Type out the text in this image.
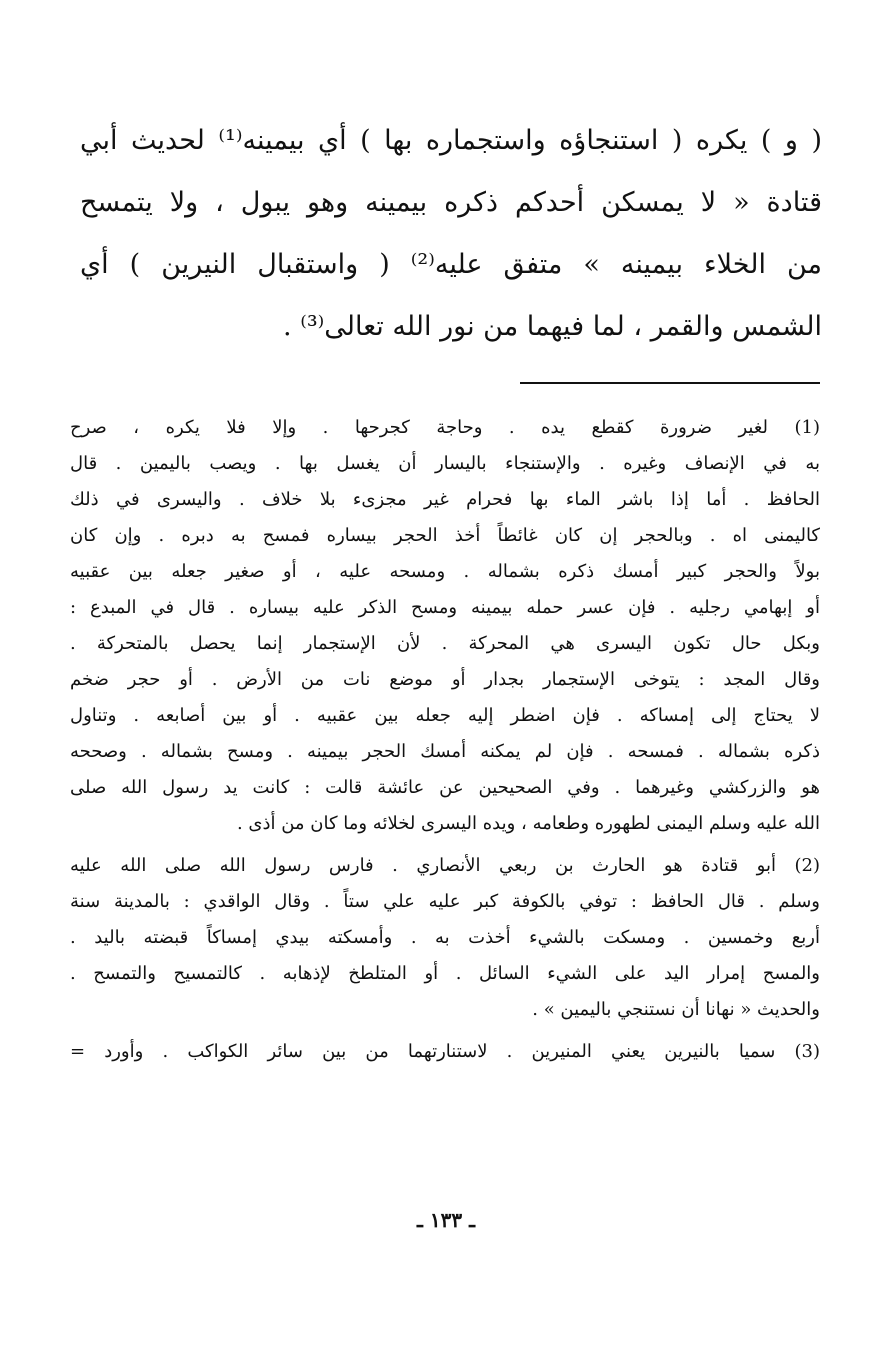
( و ) يكره ( استنجاؤه واستجماره بها ) أي بيمينه⁽¹⁾ لحديث أبي
قتادة « لا يمسكن أحدكم ذكره بيمينه وهو يبول ، ولا يتمسح
من الخلاء بيمينه » متفق عليه⁽²⁾ ( واستقبال النيرين ) أي
الشمس والقمر ، لما فيهما من نور الله تعالى⁽³⁾ .
(1) لغير ضرورة كقطع يده . وحاجة كجرحها . وإلا فلا يكره ، صرح
به في الإنصاف وغيره . والإستنجاء باليسار أن يغسل بها . ويصب باليمين . قال
الحافظ . أما إذا باشر الماء بها فحرام غير مجزىء بلا خلاف . واليسرى في ذلك
كاليمنى اه . وبالحجر إن كان غائطاً أخذ الحجر بيساره فمسح به دبره . وإن كان
بولاً والحجر كبير أمسك ذكره بشماله . ومسحه عليه ، أو صغير جعله بين عقبيه
أو إبهامي رجليه . فإن عسر حمله بيمينه ومسح الذكر عليه بيساره . قال في المبدع :
وبكل حال تكون اليسرى هي المحركة . لأن الإستجمار إنما يحصل بالمتحركة .
وقال المجد : يتوخى الإستجمار بجدار أو موضع نات من الأرض . أو حجر ضخم
لا يحتاج إلى إمساكه . فإن اضطر إليه جعله بين عقبيه . أو بين أصابعه . وتناول
ذكره بشماله . فمسحه . فإن لم يمكنه أمسك الحجر بيمينه . ومسح بشماله . وصححه
هو والزركشي وغيرهما . وفي الصحيحين عن عائشة قالت : كانت يد رسول الله صلى
الله عليه وسلم اليمنى لطهوره وطعامه ، ويده اليسرى لخلائه وما كان من أذى .
(2) أبو قتادة هو الحارث بن ربعي الأنصاري . فارس رسول الله صلى الله عليه
وسلم . قال الحافظ : توفي بالكوفة كبر عليه علي ستاً . وقال الواقدي : بالمدينة سنة
أربع وخمسين . ومسكت بالشيء أخذت به . وأمسكته بيدي إمساكاً قبضته باليد .
والمسح إمرار اليد على الشيء السائل . أو المتلطخ لإذهابه . كالتمسيح والتمسح .
والحديث « نهانا أن نستنجي باليمين » .
(3) سميا بالنيرين يعني المنيرين . لاستنارتهما من بين سائر الكواكب . وأورد =
ـ ١٣٣ ـ
